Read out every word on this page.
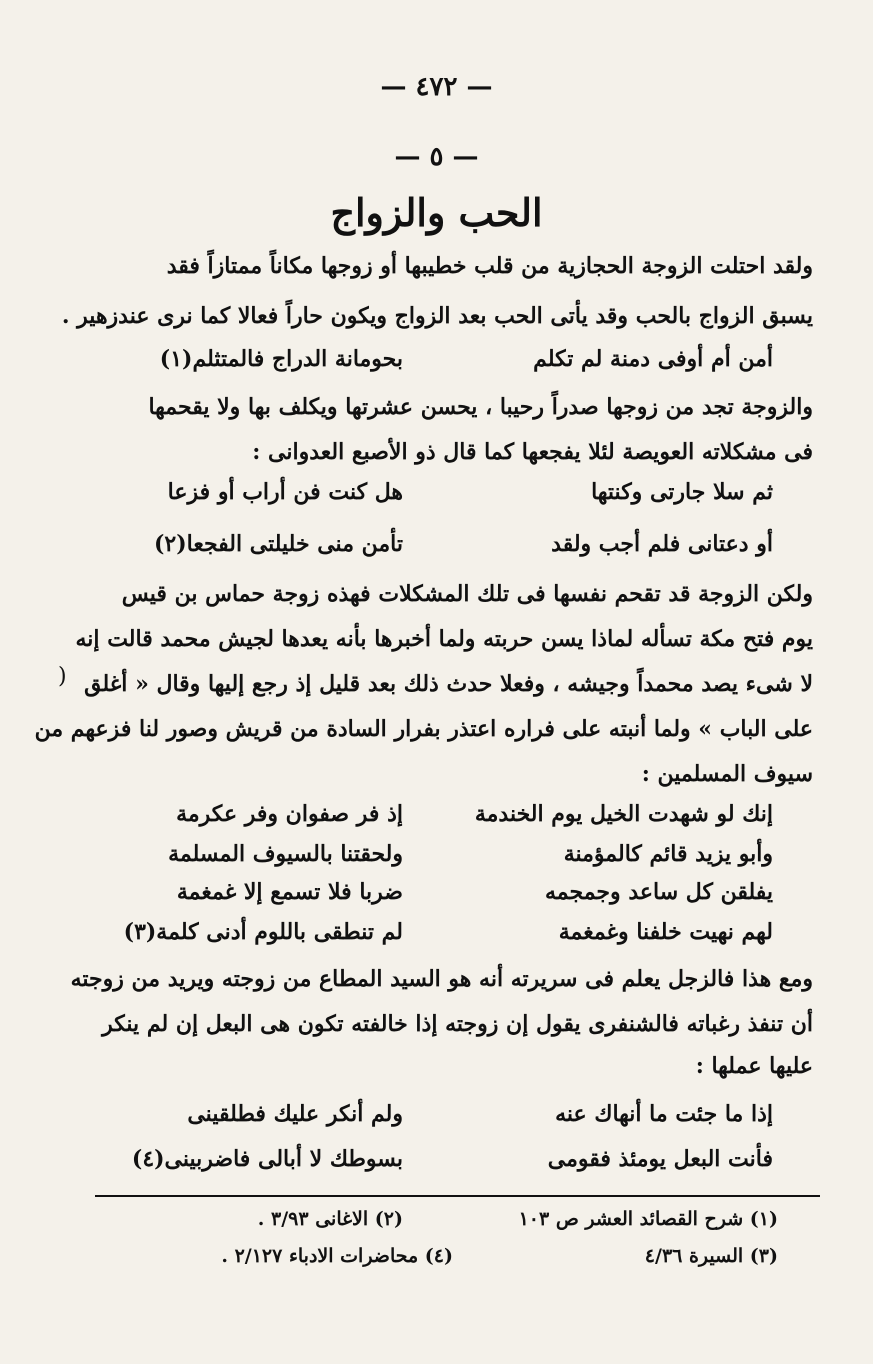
— ٤٧٢ —
— ٥ —
الحب والزواج
ولقد احتلت الزوجة الحجازية من قلب خطيبها أو زوجها مكاناً ممتازاً فقد
يسبق الزواج بالحب وقد يأتى الحب بعد الزواج ويكون حاراً فعالا كما نرى عندزهير .
أمن أم أوفى دمنة لم تكلم
بحومانة الدراج فالمتثلم(١)
والزوجة تجد من زوجها صدراً رحيبا ، يحسن عشرتها ويكلف بها ولا يقحمها
فى مشكلاته العويصة لئلا يفجعها كما قال ذو الأصبع العدوانى :
ثم سلا جارتى وكنتها
هل كنت فن أراب أو فزعا
أو دعتانى فلم أجب ولقد
تأمن منى خليلتى الفجعا(٢)
ولكن الزوجة قد تقحم نفسها فى تلك المشكلات فهذه زوجة حماس بن قيس
يوم فتح مكة تسأله لماذا يسن حربته ولما أخبرها بأنه يعدها لجيش محمد قالت إنه
لا شىء يصد محمداً وجيشه ، وفعلا حدث ذلك بعد قليل إذ رجع إليها وقال « أغلق
على الباب » ولما أنبته على فراره اعتذر بفرار السادة من قريش وصور لنا فزعهم من
سيوف المسلمين :
إنك لو شهدت الخيل يوم الخندمة
إذ فر صفوان وفر عكرمة
وأبو يزيد قائم كالمؤمنة
ولحقتنا بالسيوف المسلمة
يفلقن كل ساعد وجمجمه
ضربا فلا تسمع إلا غمغمة
لهم نهيت خلفنا وغمغمة
لم تنطقى باللوم أدنى كلمة(٣)
ومع هذا فالزجل يعلم فى سريرته أنه هو السيد المطاع من زوجته ويريد من زوجته
أن تنفذ رغباته فالشنفرى يقول إن زوجته إذا خالفته تكون هى البعل إن لم ينكر
عليها عملها :
إذا ما جئت ما أنهاك عنه
ولم أنكر عليك فطلقينى
فأنت البعل يومئذ فقومى
بسوطك لا أبالى فاضربينى(٤)
(١) شرح القصائد العشر ص ١٠٣
(٢) الاغانى ٣/٩٣ .
(٣) السيرة ٤/٣٦
(٤) محاضرات الادباء ٢/١٢٧ .
(
